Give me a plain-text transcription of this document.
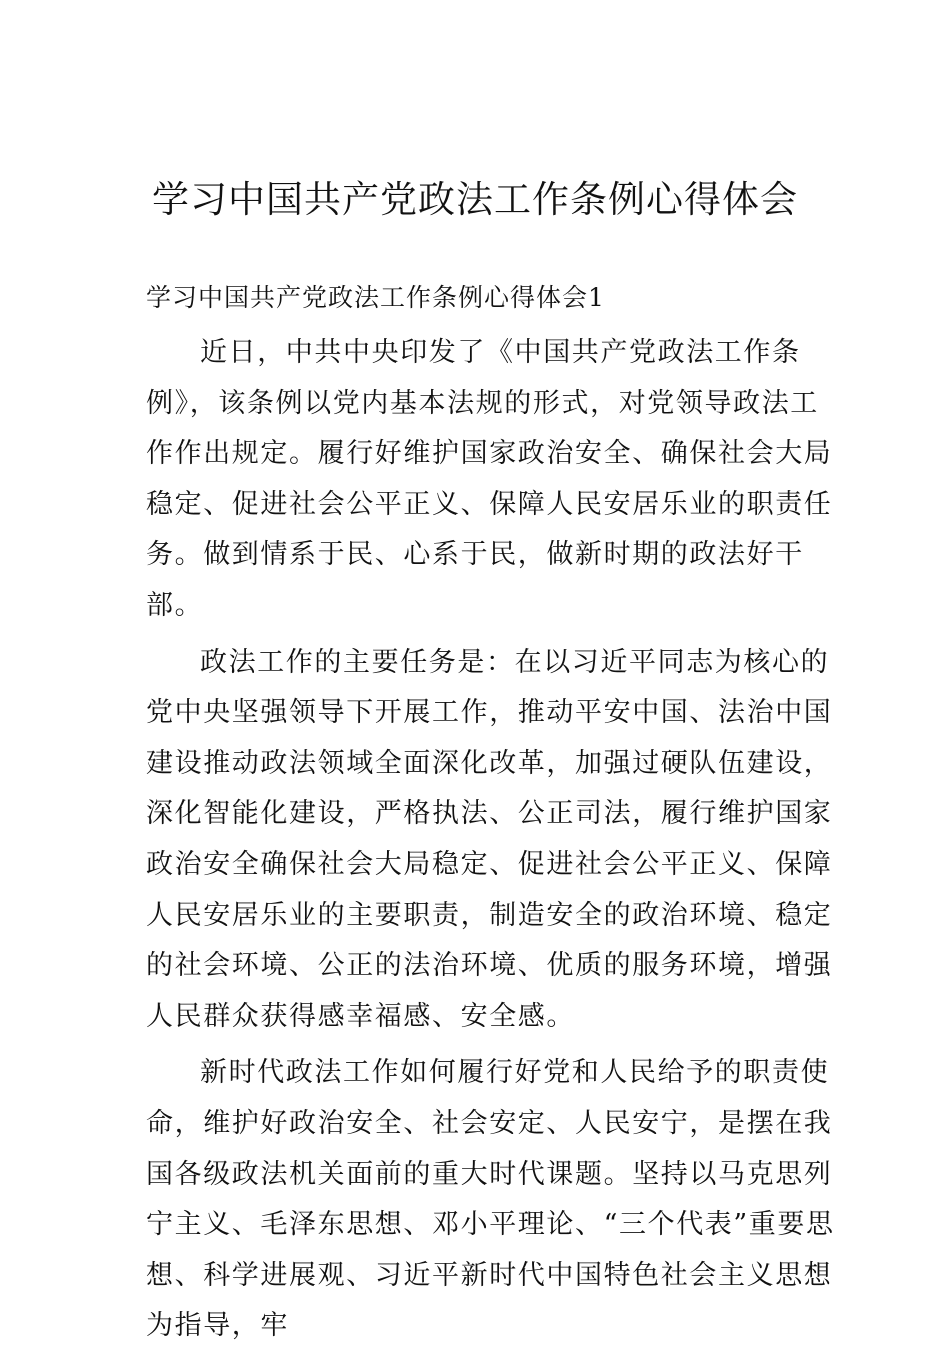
学习中国共产党政法工作条例心得体会

学习中国共产党政法工作条例心得体会1

近日，中共中央印发了《中国共产党政法工作条例》，该条例以党内基本法规的形式，对党领导政法工作作出规定。履行好维护国家政治安全、确保社会大局稳定、促进社会公平正义、保障人民安居乐业的职责任务。做到情系于民、心系于民，做新时期的政法好干部。

政法工作的主要任务是：在以习近平同志为核心的党中央坚强领导下开展工作，推动平安中国、法治中国建设推动政法领域全面深化改革，加强过硬队伍建设，深化智能化建设，严格执法、公正司法，履行维护国家政治安全确保社会大局稳定、促进社会公平正义、保障人民安居乐业的主要职责，制造安全的政治环境、稳定的社会环境、公正的法治环境、优质的服务环境，增强人民群众获得感幸福感、安全感。

新时代政法工作如何履行好党和人民给予的职责使命，维护好政治安全、社会安定、人民安宁，是摆在我国各级政法机关面前的重大时代课题。坚持以马克思列宁主义、毛泽东思想、邓小平理论、“三个代表”重要思想、科学进展观、习近平新时代中国特色社会主义思想为指导，牢
